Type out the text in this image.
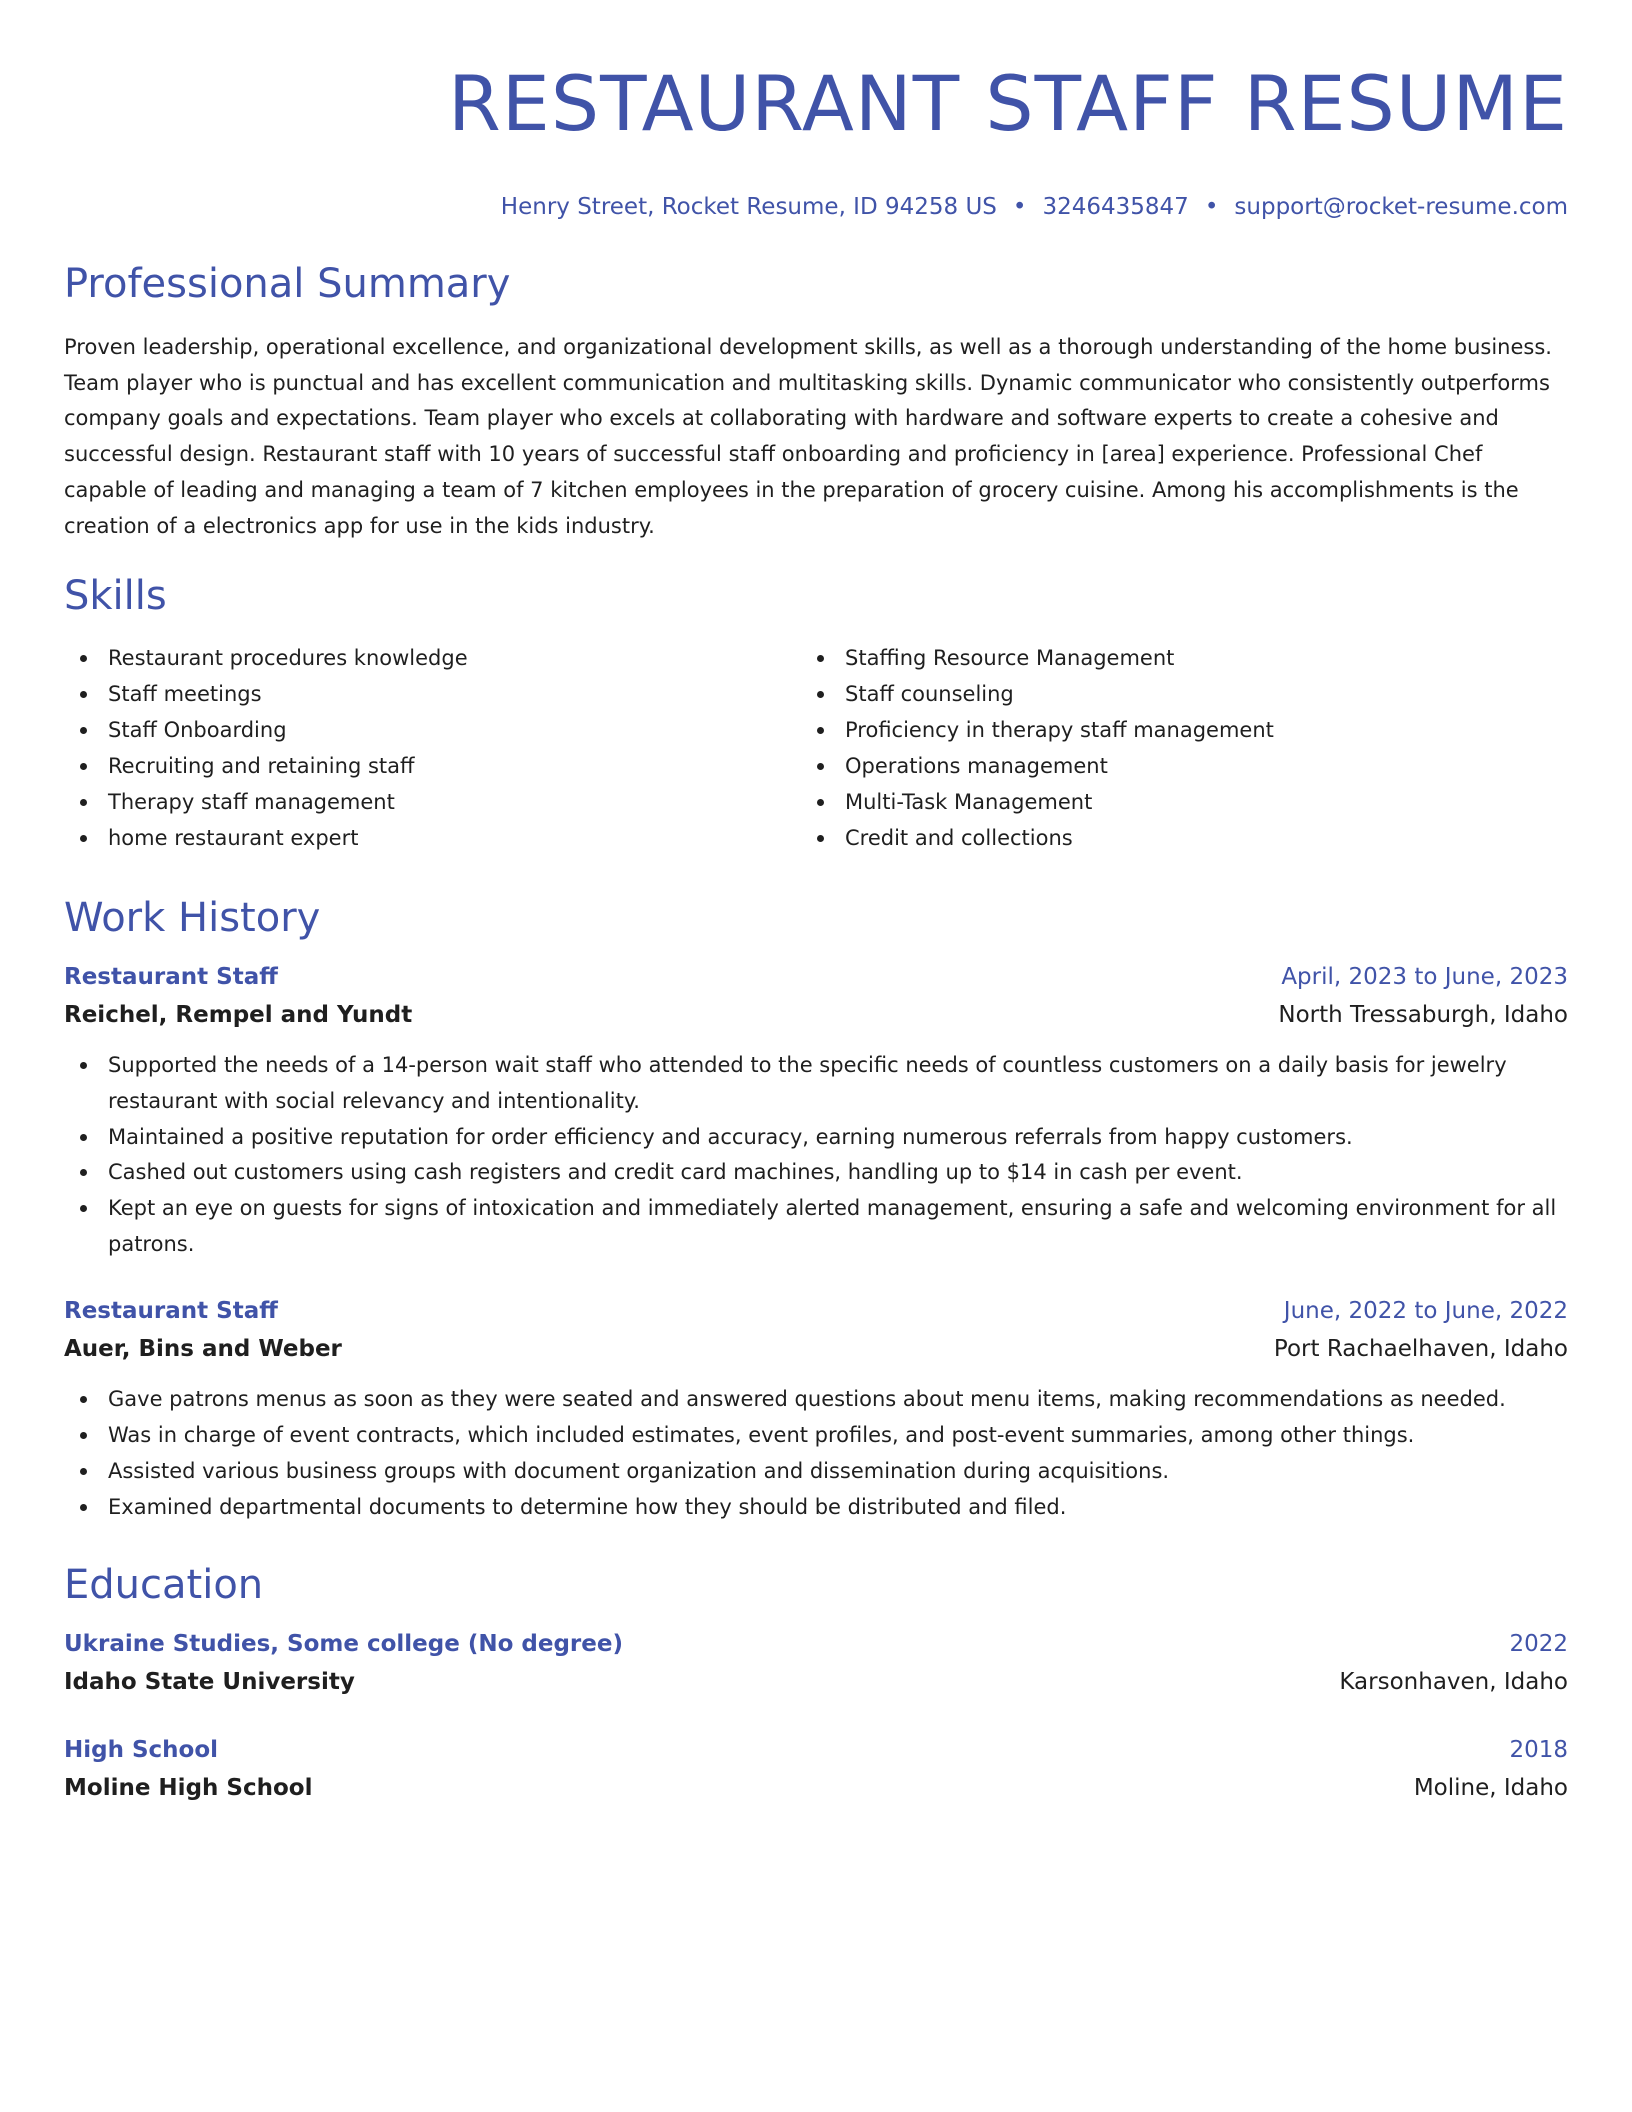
RESTAURANT STAFF RESUME
Henry Street, Rocket Resume, ID 94258 US • 3246435847 • support@rocket-resume.com
Professional Summary

Proven leadership, operational excellence, and organizational development skills, as well as a thorough understanding of the home business. Team player who is punctual and has excellent communication and multitasking skills. Dynamic communicator who consistently outperforms company goals and expectations. Team player who excels at collaborating with hardware and software experts to create a cohesive and successful design. Restaurant staff with 10 years of successful staff onboarding and proficiency in [area] experience. Professional Chef capable of leading and managing a team of 7 kitchen employees in the preparation of grocery cuisine. Among his accomplishments is the creation of a electronics app for use in the kids industry.

Skills
Restaurant procedures knowledge
Staff meetings
Staff Onboarding
Recruiting and retaining staff
Therapy staff management
home restaurant expert
Staffing Resource Management
Staff counseling
Proficiency in therapy staff management
Operations management
Multi-Task Management
Credit and collections
Work History
Restaurant Staff	April, 2023 to June, 2023
Reichel, Rempel and Yundt	North Tressaburgh, Idaho
Supported the needs of a 14-person wait staff who attended to the specific needs of countless customers on a daily basis for jewelry restaurant with social relevancy and intentionality.
Maintained a positive reputation for order efficiency and accuracy, earning numerous referrals from happy customers.
Cashed out customers using cash registers and credit card machines, handling up to $14 in cash per event.
Kept an eye on guests for signs of intoxication and immediately alerted management, ensuring a safe and welcoming environment for all patrons.
Restaurant Staff	June, 2022 to June, 2022
Auer, Bins and Weber	Port Rachaelhaven, Idaho
Gave patrons menus as soon as they were seated and answered questions about menu items, making recommendations as needed.
Was in charge of event contracts, which included estimates, event profiles, and post-event summaries, among other things.
Assisted various business groups with document organization and dissemination during acquisitions.
Examined departmental documents to determine how they should be distributed and filed.
Education
Ukraine Studies, Some college (No degree)	2022
Idaho State University	Karsonhaven, Idaho
High School	2018
Moline High School	Moline, Idaho
